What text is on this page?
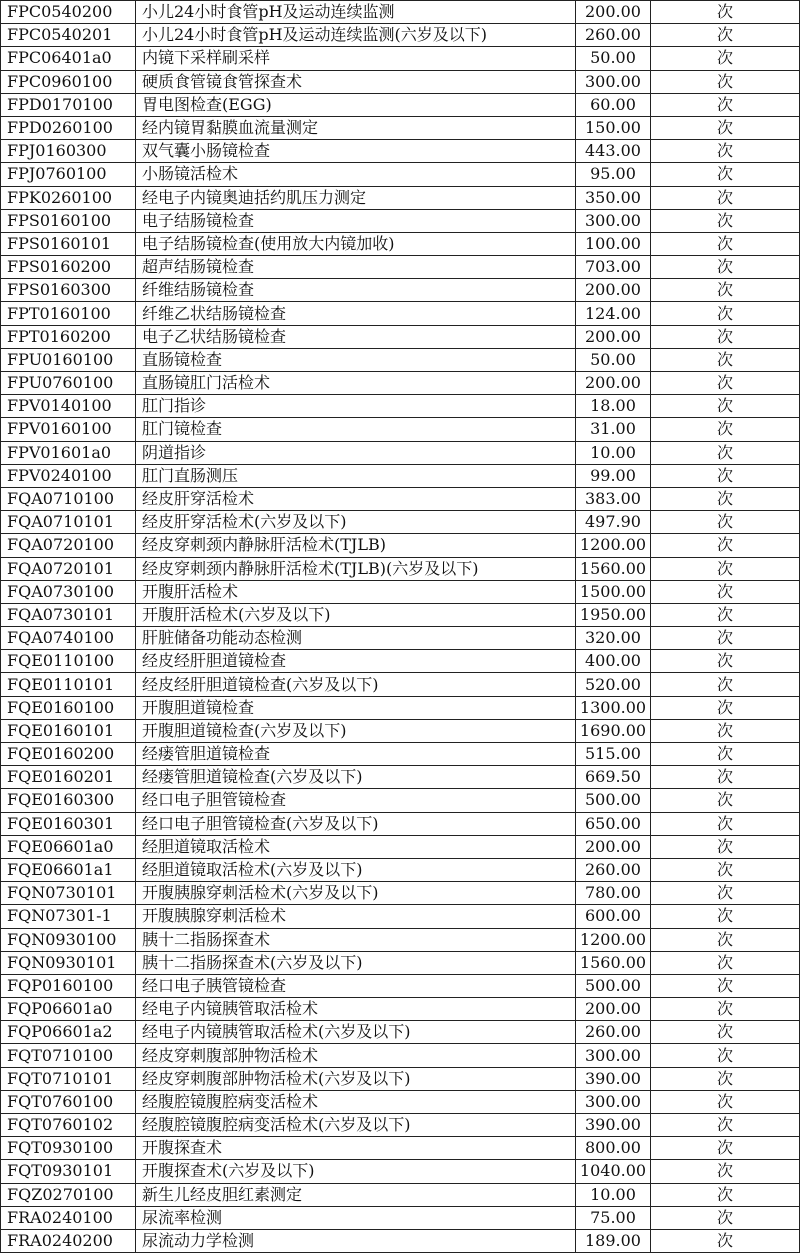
FPC0540200	小儿24小时食管pH及运动连续监测	200.00	次
FPC0540201	小儿24小时食管pH及运动连续监测(六岁及以下)	260.00	次
FPC06401a0	内镜下采样刷采样	50.00	次
FPC0960100	硬质食管镜食管探查术	300.00	次
FPD0170100	胃电图检查(EGG)	60.00	次
FPD0260100	经内镜胃黏膜血流量测定	150.00	次
FPJ0160300	双气囊小肠镜检查	443.00	次
FPJ0760100	小肠镜活检术	95.00	次
FPK0260100	经电子内镜奥迪括约肌压力测定	350.00	次
FPS0160100	电子结肠镜检查	300.00	次
FPS0160101	电子结肠镜检查(使用放大内镜加收)	100.00	次
FPS0160200	超声结肠镜检查	703.00	次
FPS0160300	纤维结肠镜检查	200.00	次
FPT0160100	纤维乙状结肠镜检查	124.00	次
FPT0160200	电子乙状结肠镜检查	200.00	次
FPU0160100	直肠镜检查	50.00	次
FPU0760100	直肠镜肛门活检术	200.00	次
FPV0140100	肛门指诊	18.00	次
FPV0160100	肛门镜检查	31.00	次
FPV01601a0	阴道指诊	10.00	次
FPV0240100	肛门直肠测压	99.00	次
FQA0710100	经皮肝穿活检术	383.00	次
FQA0710101	经皮肝穿活检术(六岁及以下)	497.90	次
FQA0720100	经皮穿刺颈内静脉肝活检术(TJLB)	1200.00	次
FQA0720101	经皮穿刺颈内静脉肝活检术(TJLB)(六岁及以下)	1560.00	次
FQA0730100	开腹肝活检术	1500.00	次
FQA0730101	开腹肝活检术(六岁及以下)	1950.00	次
FQA0740100	肝脏储备功能动态检测	320.00	次
FQE0110100	经皮经肝胆道镜检查	400.00	次
FQE0110101	经皮经肝胆道镜检查(六岁及以下)	520.00	次
FQE0160100	开腹胆道镜检查	1300.00	次
FQE0160101	开腹胆道镜检查(六岁及以下)	1690.00	次
FQE0160200	经瘘管胆道镜检查	515.00	次
FQE0160201	经瘘管胆道镜检查(六岁及以下)	669.50	次
FQE0160300	经口电子胆管镜检查	500.00	次
FQE0160301	经口电子胆管镜检查(六岁及以下)	650.00	次
FQE06601a0	经胆道镜取活检术	200.00	次
FQE06601a1	经胆道镜取活检术(六岁及以下)	260.00	次
FQN0730101	开腹胰腺穿刺活检术(六岁及以下)	780.00	次
FQN07301-1	开腹胰腺穿刺活检术	600.00	次
FQN0930100	胰十二指肠探查术	1200.00	次
FQN0930101	胰十二指肠探查术(六岁及以下)	1560.00	次
FQP0160100	经口电子胰管镜检查	500.00	次
FQP06601a0	经电子内镜胰管取活检术	200.00	次
FQP06601a2	经电子内镜胰管取活检术(六岁及以下)	260.00	次
FQT0710100	经皮穿刺腹部肿物活检术	300.00	次
FQT0710101	经皮穿刺腹部肿物活检术(六岁及以下)	390.00	次
FQT0760100	经腹腔镜腹腔病变活检术	300.00	次
FQT0760102	经腹腔镜腹腔病变活检术(六岁及以下)	390.00	次
FQT0930100	开腹探查术	800.00	次
FQT0930101	开腹探查术(六岁及以下)	1040.00	次
FQZ0270100	新生儿经皮胆红素测定	10.00	次
FRA0240100	尿流率检测	75.00	次
FRA0240200	尿流动力学检测	189.00	次
